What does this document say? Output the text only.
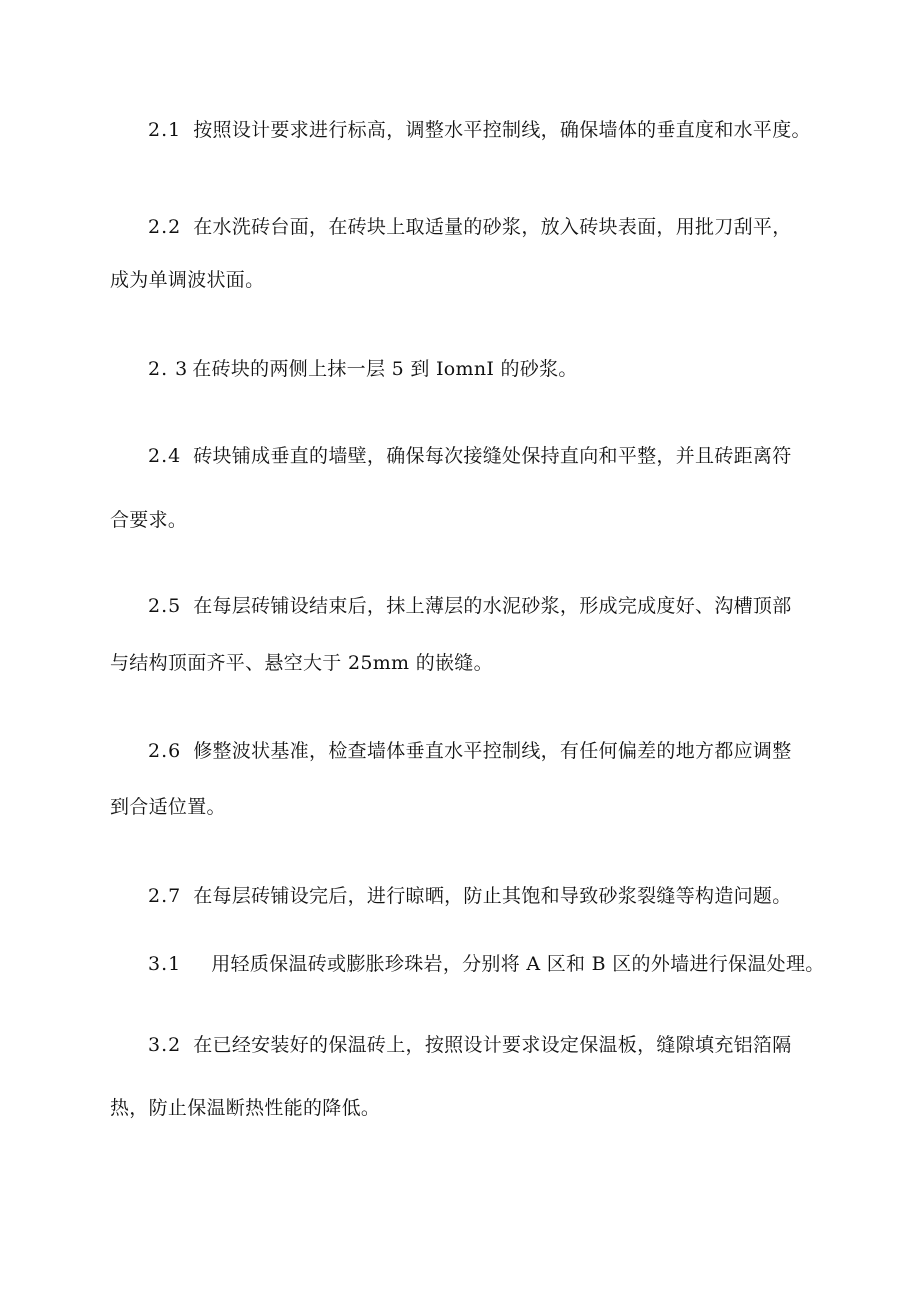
2.1 按照设计要求进行标高，调整水平控制线，确保墙体的垂直度和水平度。
2.2 在水洗砖台面，在砖块上取适量的砂浆，放入砖块表面，用批刀刮平，
成为单调波状面。
2. 3 在砖块的两侧上抹一层 5 到 IomnI 的砂浆。
2.4 砖块铺成垂直的墙壁，确保每次接缝处保持直向和平整，并且砖距离符
合要求。
2.5 在每层砖铺设结束后，抹上薄层的水泥砂浆，形成完成度好、沟槽顶部
与结构顶面齐平、悬空大于 25mm 的嵌缝。
2.6 修整波状基准，检查墙体垂直水平控制线，有任何偏差的地方都应调整
到合适位置。
2.7 在每层砖铺设完后，进行晾晒，防止其饱和导致砂浆裂缝等构造问题。
3.1 用轻质保温砖或膨胀珍珠岩，分别将 A 区和 B 区的外墙进行保温处理。
3.2 在已经安装好的保温砖上，按照设计要求设定保温板，缝隙填充铝箔隔
热，防止保温断热性能的降低。
